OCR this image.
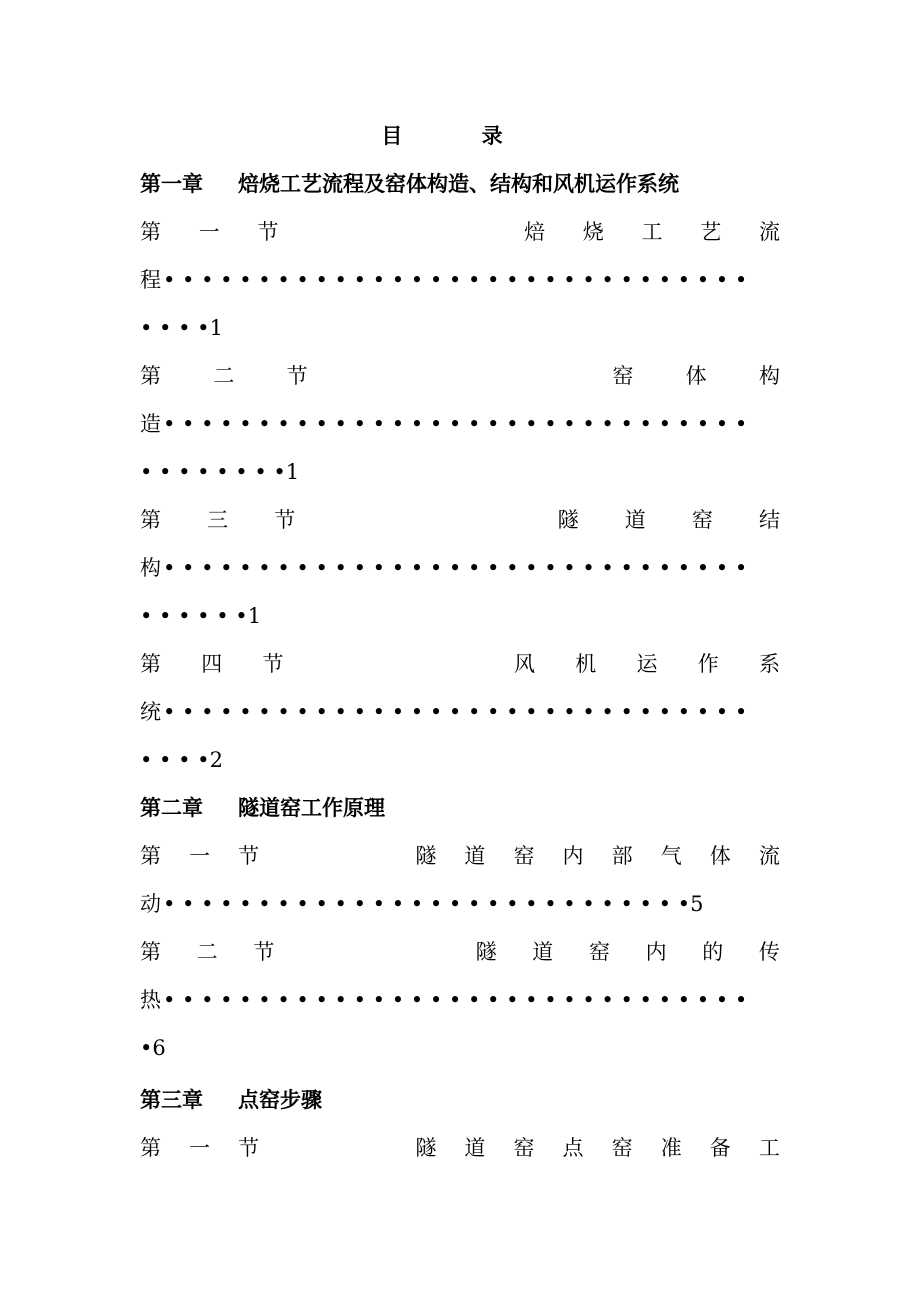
目 录
第一章 焙烧工艺流程及窑体构造、结构和风机运作系统
第 一 节	焙 烧 工 艺 流
程 • • • • • • • • • • • • • • • • • • • • • • • • • • • • • • •
• • • •1
第 二 节	窑 体 构
造 • • • • • • • • • • • • • • • • • • • • • • • • • • • • • • •
• • • • • • • •1
第 三 节	隧 道 窑 结
构 • • • • • • • • • • • • • • • • • • • • • • • • • • • • • • •
• • • • • •1
第 四 节	风 机 运 作 系
统 • • • • • • • • • • • • • • • • • • • • • • • • • • • • • • •
• • • •2
第二章 隧道窑工作原理
第 一 节	隧 道 窑 内 部 气 体 流
动 • • • • • • • • • • • • • • • • • • • • • • • • • • • • 5
第 二 节	隧 道 窑 内 的 传
热 • • • • • • • • • • • • • • • • • • • • • • • • • • • • • • •
•6
第三章 点窑步骤
第 一 节	隧 道 窑 点 窑 准 备 工
